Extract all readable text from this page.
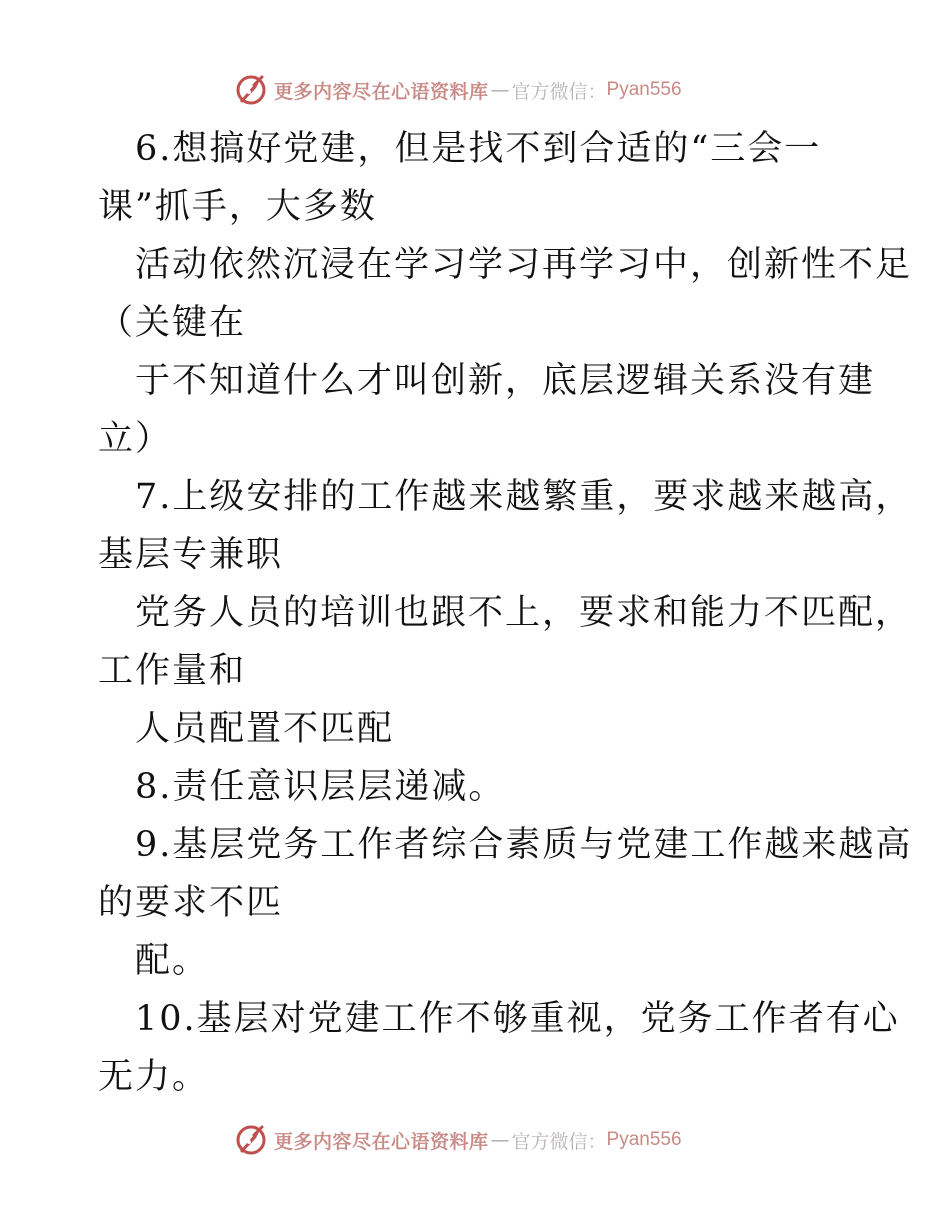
更多内容尽在心语资料库 — 官方微信： Pyan556
6.想搞好党建，但是找不到合适的“三会一
课”抓手，大多数
活动依然沉浸在学习学习再学习中，创新性不足
（关键在
于不知道什么才叫创新，底层逻辑关系没有建
立）
7.上级安排的工作越来越繁重，要求越来越高，
基层专兼职
党务人员的培训也跟不上，要求和能力不匹配，
工作量和
人员配置不匹配
8.责任意识层层递减。
9.基层党务工作者综合素质与党建工作越来越高
的要求不匹
配。
10.基层对党建工作不够重视，党务工作者有心
无力。
更多内容尽在心语资料库 — 官方微信： Pyan556
